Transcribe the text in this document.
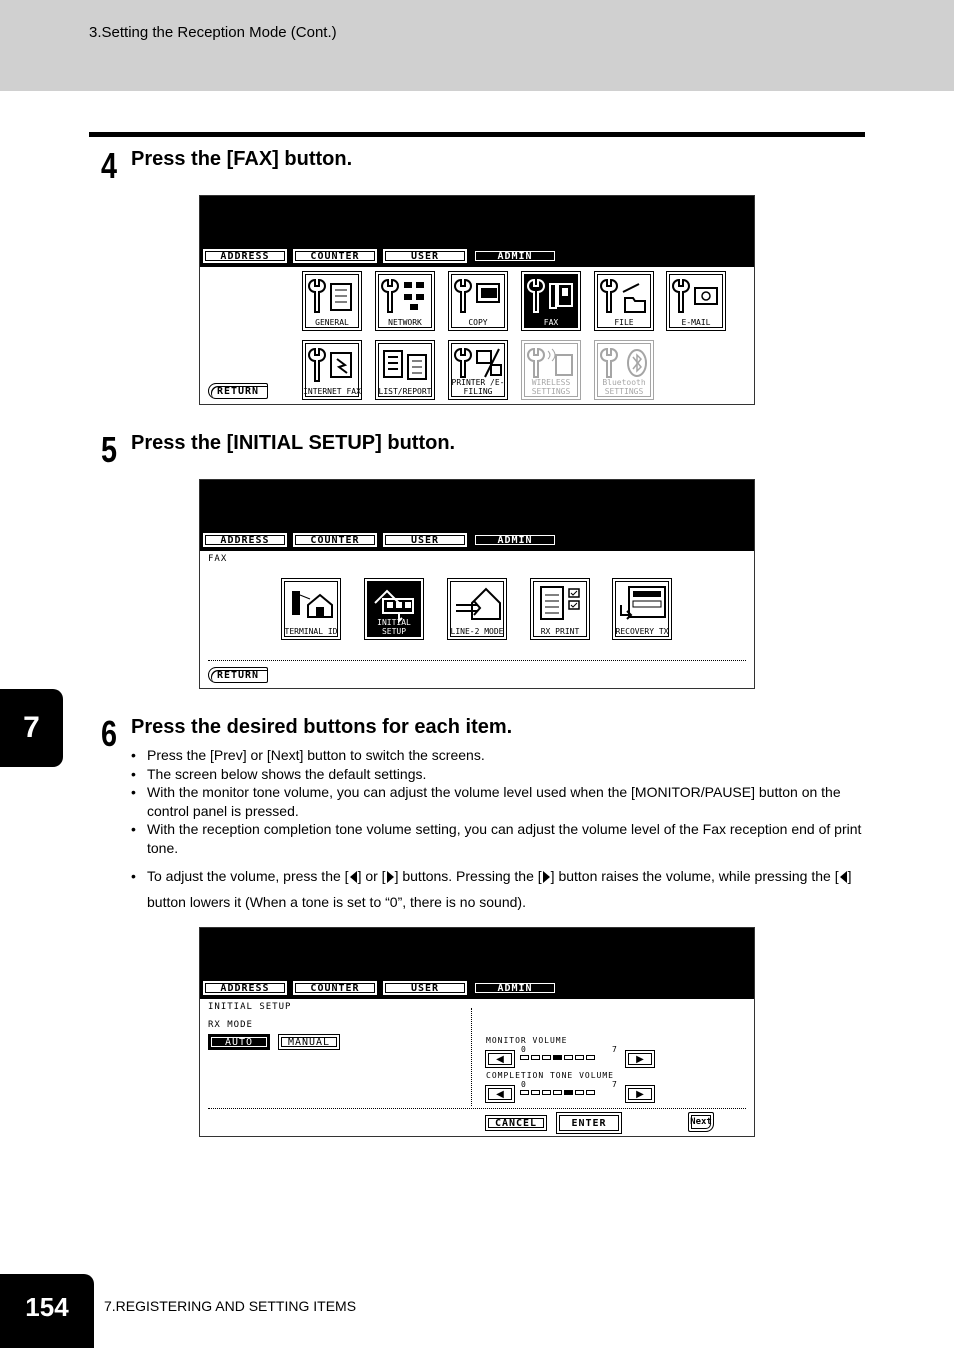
3.Setting the Reception Mode (Cont.)
4 Press the [FAX] button.
ADDRESS	COUNTER	USER	ADMIN
GENERAL	NETWORK	COPY	FAX	FILE	E-MAIL
INTERNET FAX	LIST/REPORT
PRINTER /E-FILING
WIRELESS SETTINGS
Bluetooth SETTINGS
RETURN
5 Press the [INITIAL SETUP] button.
ADDRESS	COUNTER	USER	ADMIN
FAX
TERMINAL ID
INITIAL SETUP	LINE-2 MODE	RX PRINT	RECOVERY TX
RETURN
7	6 Press the desired buttons for each item.
• Press the [Prev] or [Next] button to switch the screens.
• The screen below shows the default settings.
• With the monitor tone volume, you can adjust the volume level used when the [MONITOR/PAUSE] button on the control panel is pressed.
• With the reception completion tone volume setting, you can adjust the volume level of the Fax reception end of print tone.
• To adjust the volume, press the [ ] or [ ] buttons. Pressing the [ ] button raises the volume, while pressing the [ ] button lowers it (When a tone is set to “0”, there is no sound).
ADDRESS	COUNTER	USER	ADMIN
INITIAL SETUP
RX MODE
AUTO	MANUAL	MONITOR VOLUME
◀
0	7
▶
COMPLETION TONE VOLUME
◀
0	7
▶
CANCEL	ENTER	Next
154	7.REGISTERING AND SETTING ITEMS
